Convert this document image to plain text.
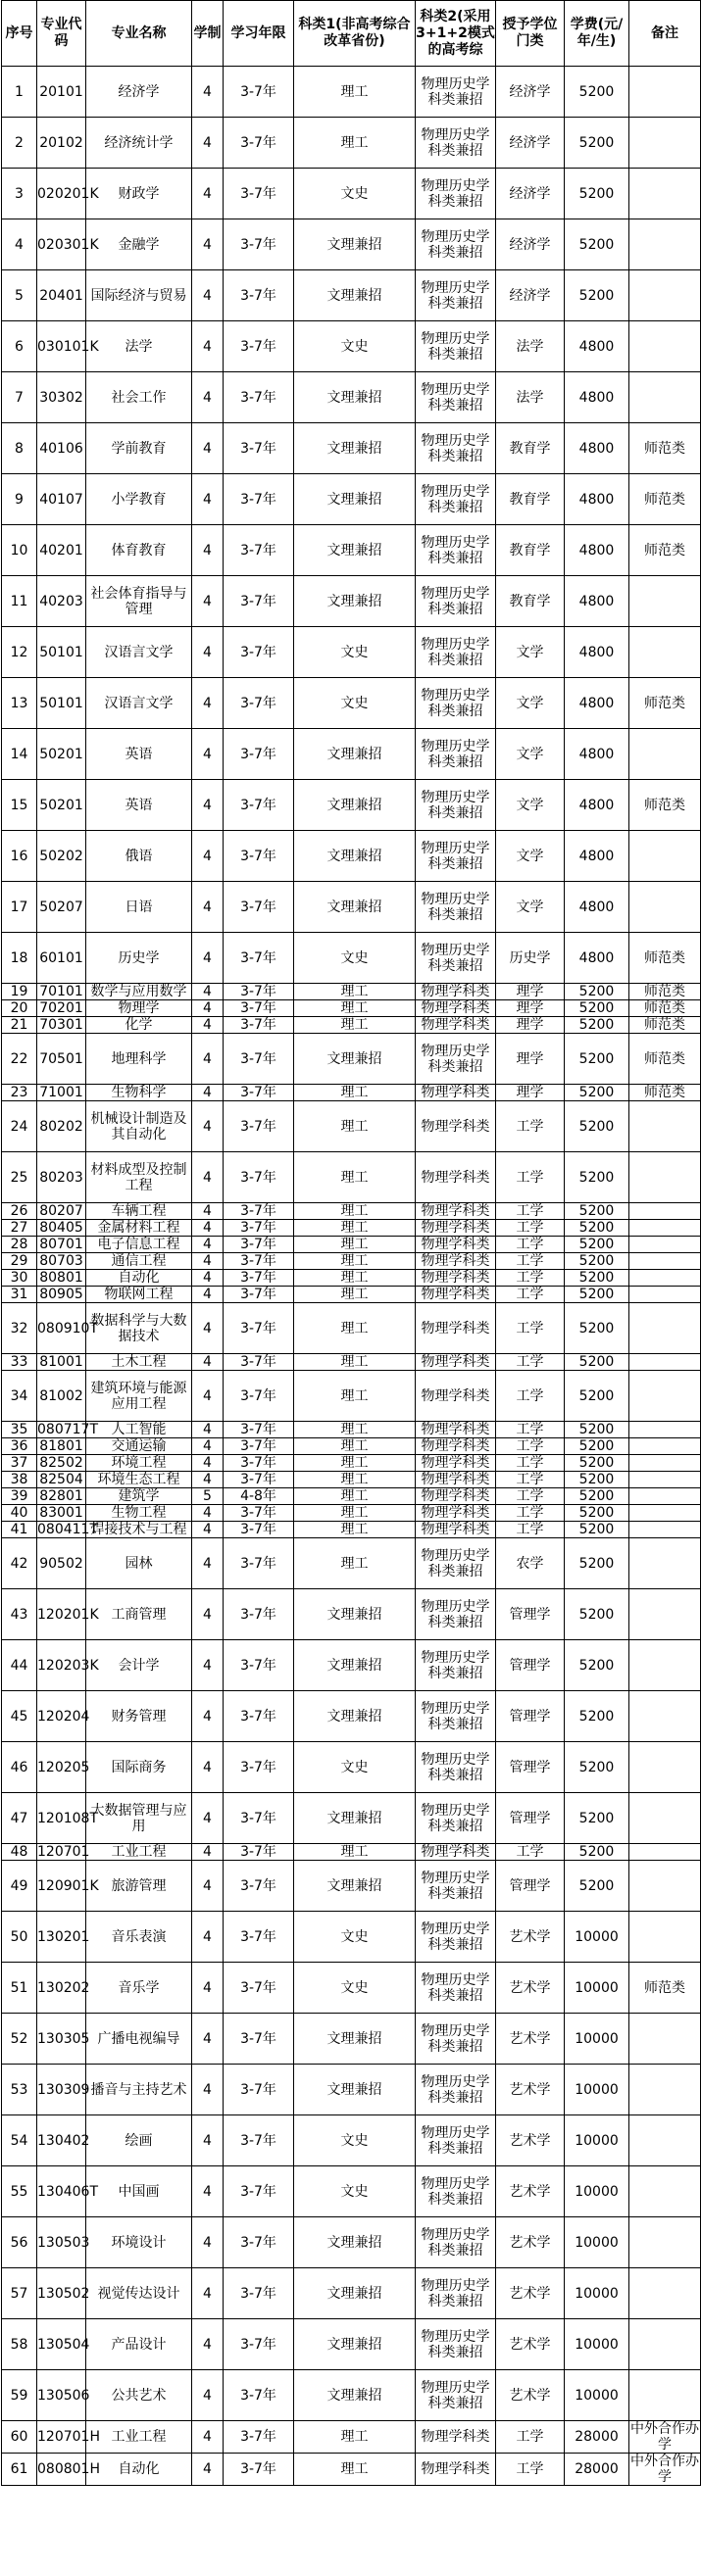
序号	专业代码	专业名称	学制	学习年限	科类1(非高考综合改革省份)	科类2(采用3+1+2模式的高考综	授予学位门类	学费(元/年/生)	备注
1	20101	经济学	4	3-7年	理工	物理历史学科类兼招	经济学	5200	
2	20102	经济统计学	4	3-7年	理工	物理历史学科类兼招	经济学	5200	
3	020201K	财政学	4	3-7年	文史	物理历史学科类兼招	经济学	5200	
4	020301K	金融学	4	3-7年	文理兼招	物理历史学科类兼招	经济学	5200	
5	20401	国际经济与贸易	4	3-7年	文理兼招	物理历史学科类兼招	经济学	5200	
6	030101K	法学	4	3-7年	文史	物理历史学科类兼招	法学	4800	
7	30302	社会工作	4	3-7年	文理兼招	物理历史学科类兼招	法学	4800	
8	40106	学前教育	4	3-7年	文理兼招	物理历史学科类兼招	教育学	4800	师范类
9	40107	小学教育	4	3-7年	文理兼招	物理历史学科类兼招	教育学	4800	师范类
10	40201	体育教育	4	3-7年	文理兼招	物理历史学科类兼招	教育学	4800	师范类
11	40203	社会体育指导与管理	4	3-7年	文理兼招	物理历史学科类兼招	教育学	4800	
12	50101	汉语言文学	4	3-7年	文史	物理历史学科类兼招	文学	4800	
13	50101	汉语言文学	4	3-7年	文史	物理历史学科类兼招	文学	4800	师范类
14	50201	英语	4	3-7年	文理兼招	物理历史学科类兼招	文学	4800	
15	50201	英语	4	3-7年	文理兼招	物理历史学科类兼招	文学	4800	师范类
16	50202	俄语	4	3-7年	文理兼招	物理历史学科类兼招	文学	4800	
17	50207	日语	4	3-7年	文理兼招	物理历史学科类兼招	文学	4800	
18	60101	历史学	4	3-7年	文史	物理历史学科类兼招	历史学	4800	师范类
19	70101	数学与应用数学	4	3-7年	理工	物理学科类	理学	5200	师范类
20	70201	物理学	4	3-7年	理工	物理学科类	理学	5200	师范类
21	70301	化学	4	3-7年	理工	物理学科类	理学	5200	师范类
22	70501	地理科学	4	3-7年	文理兼招	物理历史学科类兼招	理学	5200	师范类
23	71001	生物科学	4	3-7年	理工	物理学科类	理学	5200	师范类
24	80202	机械设计制造及其自动化	4	3-7年	理工	物理学科类	工学	5200	
25	80203	材料成型及控制工程	4	3-7年	理工	物理学科类	工学	5200	
26	80207	车辆工程	4	3-7年	理工	物理学科类	工学	5200	
27	80405	金属材料工程	4	3-7年	理工	物理学科类	工学	5200	
28	80701	电子信息工程	4	3-7年	理工	物理学科类	工学	5200	
29	80703	通信工程	4	3-7年	理工	物理学科类	工学	5200	
30	80801	自动化	4	3-7年	理工	物理学科类	工学	5200	
31	80905	物联网工程	4	3-7年	理工	物理学科类	工学	5200	
32	080910T	数据科学与大数据技术	4	3-7年	理工	物理学科类	工学	5200	
33	81001	土木工程	4	3-7年	理工	物理学科类	工学	5200	
34	81002	建筑环境与能源应用工程	4	3-7年	理工	物理学科类	工学	5200	
35	080717T	人工智能	4	3-7年	理工	物理学科类	工学	5200	
36	81801	交通运输	4	3-7年	理工	物理学科类	工学	5200	
37	82502	环境工程	4	3-7年	理工	物理学科类	工学	5200	
38	82504	环境生态工程	4	3-7年	理工	物理学科类	工学	5200	
39	82801	建筑学	5	4-8年	理工	物理学科类	工学	5200	
40	83001	生物工程	4	3-7年	理工	物理学科类	工学	5200	
41	080411T	焊接技术与工程	4	3-7年	理工	物理学科类	工学	5200	
42	90502	园林	4	3-7年	理工	物理历史学科类兼招	农学	5200	
43	120201K	工商管理	4	3-7年	文理兼招	物理历史学科类兼招	管理学	5200	
44	120203K	会计学	4	3-7年	文理兼招	物理历史学科类兼招	管理学	5200	
45	120204	财务管理	4	3-7年	文理兼招	物理历史学科类兼招	管理学	5200	
46	120205	国际商务	4	3-7年	文史	物理历史学科类兼招	管理学	5200	
47	120108T	大数据管理与应用	4	3-7年	文理兼招	物理历史学科类兼招	管理学	5200	
48	120701	工业工程	4	3-7年	理工	物理学科类	工学	5200	
49	120901K	旅游管理	4	3-7年	文理兼招	物理历史学科类兼招	管理学	5200	
50	130201	音乐表演	4	3-7年	文史	物理历史学科类兼招	艺术学	10000	
51	130202	音乐学	4	3-7年	文史	物理历史学科类兼招	艺术学	10000	师范类
52	130305	广播电视编导	4	3-7年	文理兼招	物理历史学科类兼招	艺术学	10000	
53	130309	播音与主持艺术	4	3-7年	文理兼招	物理历史学科类兼招	艺术学	10000	
54	130402	绘画	4	3-7年	文史	物理历史学科类兼招	艺术学	10000	
55	130406T	中国画	4	3-7年	文史	物理历史学科类兼招	艺术学	10000	
56	130503	环境设计	4	3-7年	文理兼招	物理历史学科类兼招	艺术学	10000	
57	130502	视觉传达设计	4	3-7年	文理兼招	物理历史学科类兼招	艺术学	10000	
58	130504	产品设计	4	3-7年	文理兼招	物理历史学科类兼招	艺术学	10000	
59	130506	公共艺术	4	3-7年	文理兼招	物理历史学科类兼招	艺术学	10000	
60	120701H	工业工程	4	3-7年	理工	物理学科类	工学	28000	中外合作办学
61	080801H	自动化	4	3-7年	理工	物理学科类	工学	28000	中外合作办学
